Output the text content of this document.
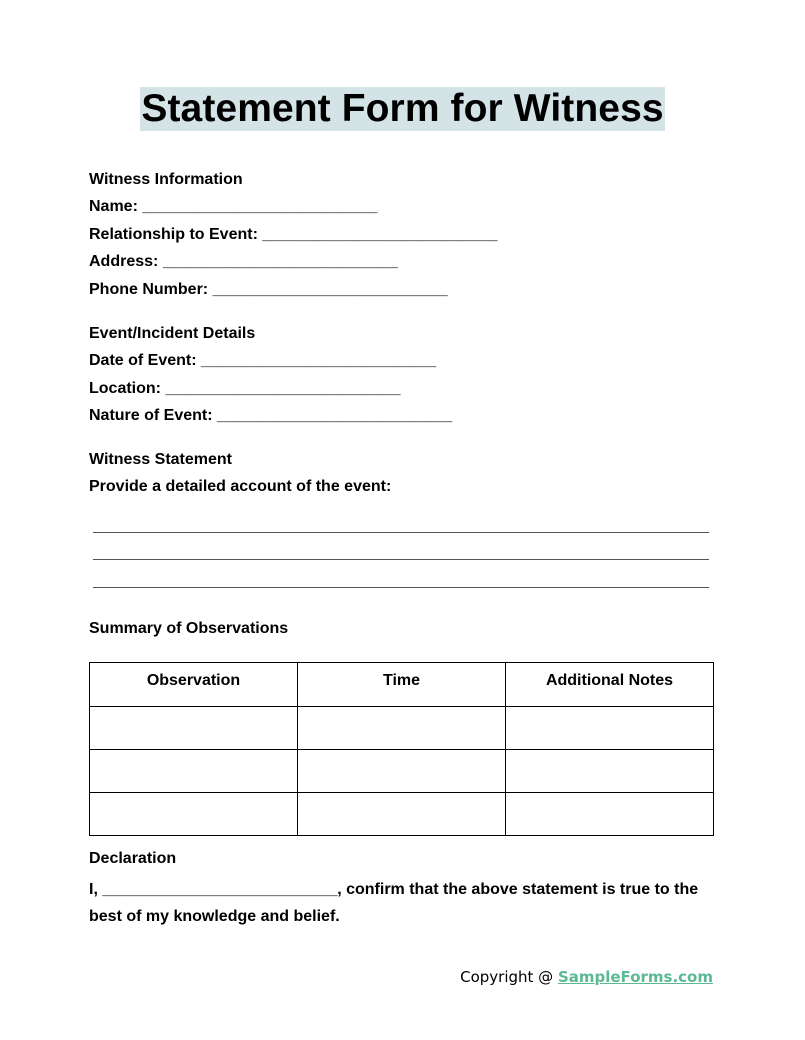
Statement Form for Witness
Witness Information
Name: ___________________________
Relationship to Event: ___________________________
Address: ___________________________
Phone Number: ___________________________
Event/Incident Details
Date of Event: ___________________________
Location: ___________________________
Nature of Event: ___________________________
Witness Statement
Provide a detailed account of the event:
Summary of Observations
Observation	Time	Additional Notes

Declaration
I, ___________________________, confirm that the above statement is true to the best of my knowledge and belief.
Copyright @ SampleForms.com
